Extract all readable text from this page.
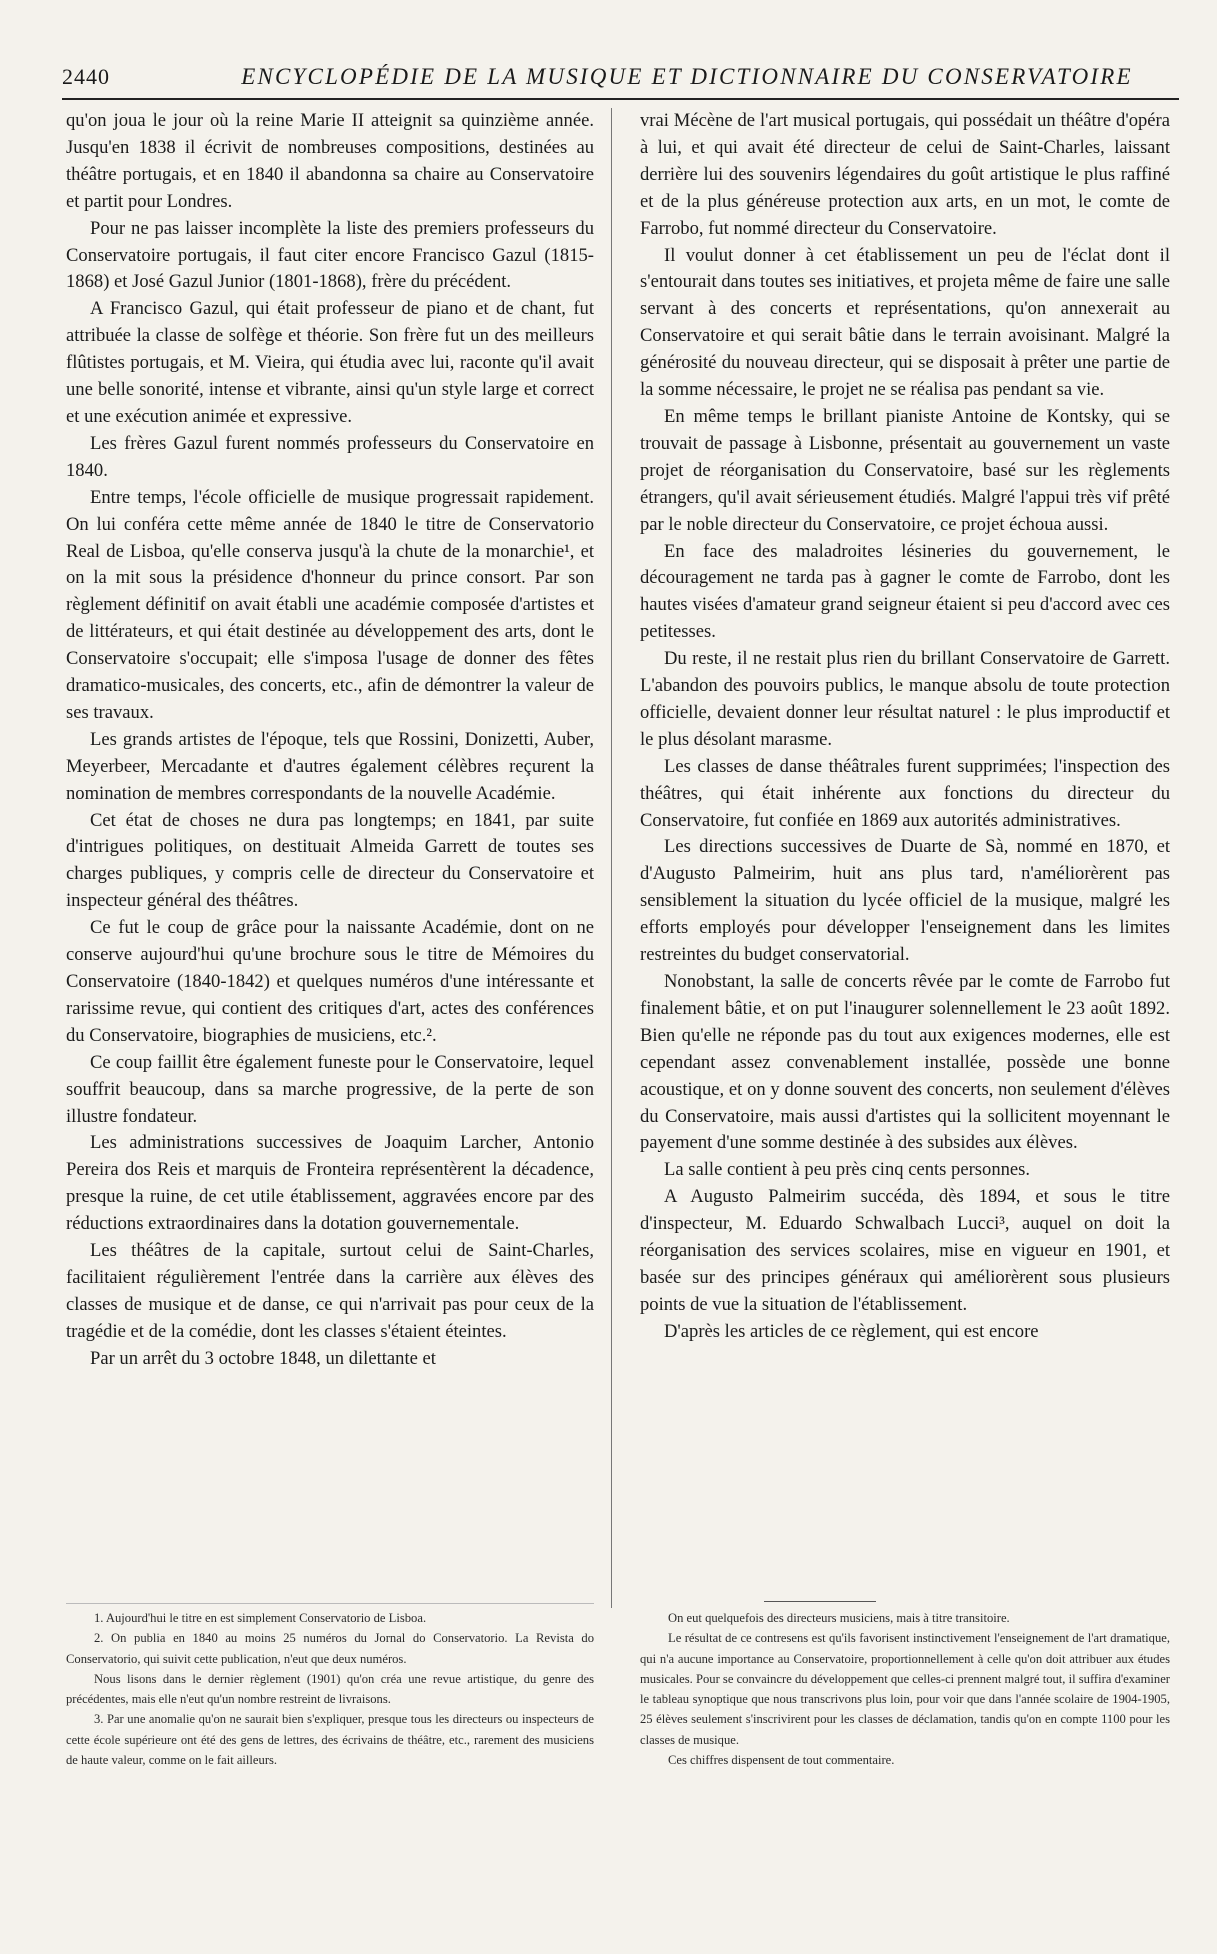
2440	ENCYCLOPÉDIE DE LA MUSIQUE ET DICTIONNAIRE DU CONSERVATOIRE

qu'on joua le jour où la reine Marie II atteignit sa quinzième année. Jusqu'en 1838 il écrivit de nombreuses compositions, destinées au théâtre portugais, et en 1840 il abandonna sa chaire au Conservatoire et partit pour Londres.

Pour ne pas laisser incomplète la liste des premiers professeurs du Conservatoire portugais, il faut citer encore Francisco Gazul (1815-1868) et José Gazul Junior (1801-1868), frère du précédent.

A Francisco Gazul, qui était professeur de piano et de chant, fut attribuée la classe de solfège et théorie. Son frère fut un des meilleurs flûtistes portugais, et M. Vieira, qui étudia avec lui, raconte qu'il avait une belle sonorité, intense et vibrante, ainsi qu'un style large et correct et une exécution animée et expressive.

Les frères Gazul furent nommés professeurs du Conservatoire en 1840.

Entre temps, l'école officielle de musique progressait rapidement. On lui conféra cette même année de 1840 le titre de Conservatorio Real de Lisboa, qu'elle conserva jusqu'à la chute de la monarchie¹, et on la mit sous la présidence d'honneur du prince consort. Par son règlement définitif on avait établi une académie composée d'artistes et de littérateurs, et qui était destinée au développement des arts, dont le Conservatoire s'occupait; elle s'imposa l'usage de donner des fêtes dramatico-musicales, des concerts, etc., afin de démontrer la valeur de ses travaux.

Les grands artistes de l'époque, tels que Rossini, Donizetti, Auber, Meyerbeer, Mercadante et d'autres également célèbres reçurent la nomination de membres correspondants de la nouvelle Académie.

Cet état de choses ne dura pas longtemps; en 1841, par suite d'intrigues politiques, on destituait Almeida Garrett de toutes ses charges publiques, y compris celle de directeur du Conservatoire et inspecteur général des théâtres.

Ce fut le coup de grâce pour la naissante Académie, dont on ne conserve aujourd'hui qu'une brochure sous le titre de Mémoires du Conservatoire (1840-1842) et quelques numéros d'une intéressante et rarissime revue, qui contient des critiques d'art, actes des conférences du Conservatoire, biographies de musiciens, etc.².

Ce coup faillit être également funeste pour le Conservatoire, lequel souffrit beaucoup, dans sa marche progressive, de la perte de son illustre fondateur.

Les administrations successives de Joaquim Larcher, Antonio Pereira dos Reis et marquis de Fronteira représentèrent la décadence, presque la ruine, de cet utile établissement, aggravées encore par des réductions extraordinaires dans la dotation gouvernementale.

Les théâtres de la capitale, surtout celui de Saint-Charles, facilitaient régulièrement l'entrée dans la carrière aux élèves des classes de musique et de danse, ce qui n'arrivait pas pour ceux de la tragédie et de la comédie, dont les classes s'étaient éteintes.

Par un arrêt du 3 octobre 1848, un dilettante et

vrai Mécène de l'art musical portugais, qui possédait un théâtre d'opéra à lui, et qui avait été directeur de celui de Saint-Charles, laissant derrière lui des souvenirs légendaires du goût artistique le plus raffiné et de la plus généreuse protection aux arts, en un mot, le comte de Farrobo, fut nommé directeur du Conservatoire.

Il voulut donner à cet établissement un peu de l'éclat dont il s'entourait dans toutes ses initiatives, et projeta même de faire une salle servant à des concerts et représentations, qu'on annexerait au Conservatoire et qui serait bâtie dans le terrain avoisinant. Malgré la générosité du nouveau directeur, qui se disposait à prêter une partie de la somme nécessaire, le projet ne se réalisa pas pendant sa vie.

En même temps le brillant pianiste Antoine de Kontsky, qui se trouvait de passage à Lisbonne, présentait au gouvernement un vaste projet de réorganisation du Conservatoire, basé sur les règlements étrangers, qu'il avait sérieusement étudiés. Malgré l'appui très vif prêté par le noble directeur du Conservatoire, ce projet échoua aussi.

En face des maladroites lésineries du gouvernement, le découragement ne tarda pas à gagner le comte de Farrobo, dont les hautes visées d'amateur grand seigneur étaient si peu d'accord avec ces petitesses.

Du reste, il ne restait plus rien du brillant Conservatoire de Garrett. L'abandon des pouvoirs publics, le manque absolu de toute protection officielle, devaient donner leur résultat naturel : le plus improductif et le plus désolant marasme.

Les classes de danse théâtrales furent supprimées; l'inspection des théâtres, qui était inhérente aux fonctions du directeur du Conservatoire, fut confiée en 1869 aux autorités administratives.

Les directions successives de Duarte de Sà, nommé en 1870, et d'Augusto Palmeirim, huit ans plus tard, n'améliorèrent pas sensiblement la situation du lycée officiel de la musique, malgré les efforts employés pour développer l'enseignement dans les limites restreintes du budget conservatorial.

Nonobstant, la salle de concerts rêvée par le comte de Farrobo fut finalement bâtie, et on put l'inaugurer solennellement le 23 août 1892. Bien qu'elle ne réponde pas du tout aux exigences modernes, elle est cependant assez convenablement installée, possède une bonne acoustique, et on y donne souvent des concerts, non seulement d'élèves du Conservatoire, mais aussi d'artistes qui la sollicitent moyennant le payement d'une somme destinée à des subsides aux élèves.

La salle contient à peu près cinq cents personnes.

A Augusto Palmeirim succéda, dès 1894, et sous le titre d'inspecteur, M. Eduardo Schwalbach Lucci³, auquel on doit la réorganisation des services scolaires, mise en vigueur en 1901, et basée sur des principes généraux qui améliorèrent sous plusieurs points de vue la situation de l'établissement.

D'après les articles de ce règlement, qui est encore

1. Aujourd'hui le titre en est simplement Conservatorio de Lisboa.

2. On publia en 1840 au moins 25 numéros du Jornal do Conservatorio. La Revista do Conservatorio, qui suivit cette publication, n'eut que deux numéros.

Nous lisons dans le dernier règlement (1901) qu'on créa une revue artistique, du genre des précédentes, mais elle n'eut qu'un nombre restreint de livraisons.

3. Par une anomalie qu'on ne saurait bien s'expliquer, presque tous les directeurs ou inspecteurs de cette école supérieure ont été des gens de lettres, des écrivains de théâtre, etc., rarement des musiciens de haute valeur, comme on le fait ailleurs.

On eut quelquefois des directeurs musiciens, mais à titre transitoire.

Le résultat de ce contresens est qu'ils favorisent instinctivement l'enseignement de l'art dramatique, qui n'a aucune importance au Conservatoire, proportionnellement à celle qu'on doit attribuer aux études musicales. Pour se convaincre du développement que celles-ci prennent malgré tout, il suffira d'examiner le tableau synoptique que nous transcrivons plus loin, pour voir que dans l'année scolaire de 1904-1905, 25 élèves seulement s'inscrivirent pour les classes de déclamation, tandis qu'on en compte 1100 pour les classes de musique.

Ces chiffres dispensent de tout commentaire.
